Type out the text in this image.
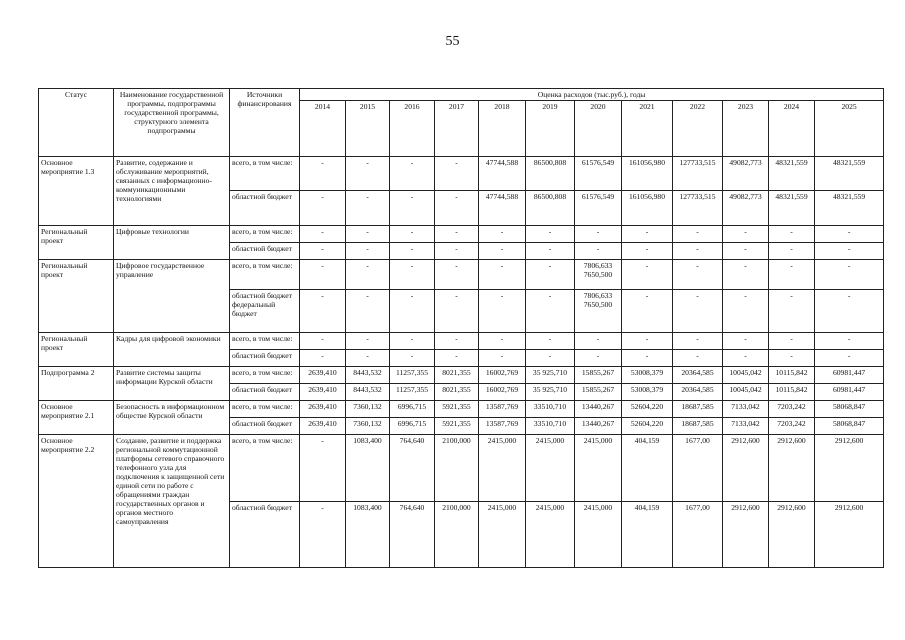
55
Статус	Наименование государственной программы, подпрограммы государственной программы, структурного элемента подпрограммы	Источники финансирования	Оценка расходов (тыс.руб.), годы											
			2014	2015	2016	2017	2018	2019	2020	2021	2022	2023	2024	2025
Основное мероприятие 1.3	Развитие, содержание и обслуживание мероприятий, связанных с информационно-коммуникационными технологиями	всего, в том числе:	-	-	-	-	47744,588	86500,808	61576,549	161056,980	127733,515	49082,773	48321,559	48321,559
		областной бюджет	-	-	-	-	47744,588	86500,808	61576,549	161056,980	127733,515	49082,773	48321,559	48321,559
Региональный проект	Цифровые технологии	всего, в том числе:	-	-	-	-	-	-	-	-	-	-	-	-
		областной бюджет	-	-	-	-	-	-	-	-	-	-	-	-
Региональный проект	Цифровое государственное управление	всего, в том числе:	-	-	-	-	-	-	7806,633 7650,500	-	-	-	-	-
		областной бюджет федеральный бюджет	-	-	-	-	-	-	7806,633 7650,500	-	-	-	-	-
Региональный проект	Кадры для цифровой экономики	всего, в том числе:	-	-	-	-	-	-	-	-	-	-	-	-
		областной бюджет	-	-	-	-	-	-	-	-	-	-	-	-
Подпрограмма 2	Развитие системы защиты информации Курской области	всего, в том числе:	2639,410	8443,532	11257,355	8021,355	16002,769	35 925,710	15855,267	53008,379	20364,585	10045,042	10115,842	60981,447
		областной бюджет	2639,410	8443,532	11257,355	8021,355	16002,769	35 925,710	15855,267	53008,379	20364,585	10045,042	10115,842	60981,447
Основное мероприятие 2.1	Безопасность в информационном обществе Курской области	всего, в том числе:	2639,410	7360,132	6996,715	5921,355	13587,769	33510,710	13440,267	52604,220	18687,585	7133,042	7203,242	58068,847
		областной бюджет	2639,410	7360,132	6996,715	5921,355	13587,769	33510,710	13440,267	52604,220	18687,585	7133,042	7203,242	58068,847
Основное мероприятие 2.2	Создание, развитие и поддержка региональной коммутационной платформы сетевого справочного телефонного узла для подключения к защищенной сети единой сети по работе с обращениями граждан государственных органов и органов местного самоуправления	всего, в том числе:	-	1083,400	764,640	2100,000	2415,000	2415,000	2415,000	404,159	1677,00	2912,600	2912,600	2912,600
		областной бюджет	-	1083,400	764,640	2100,000	2415,000	2415,000	2415,000	404,159	1677,00	2912,600	2912,600	2912,600
